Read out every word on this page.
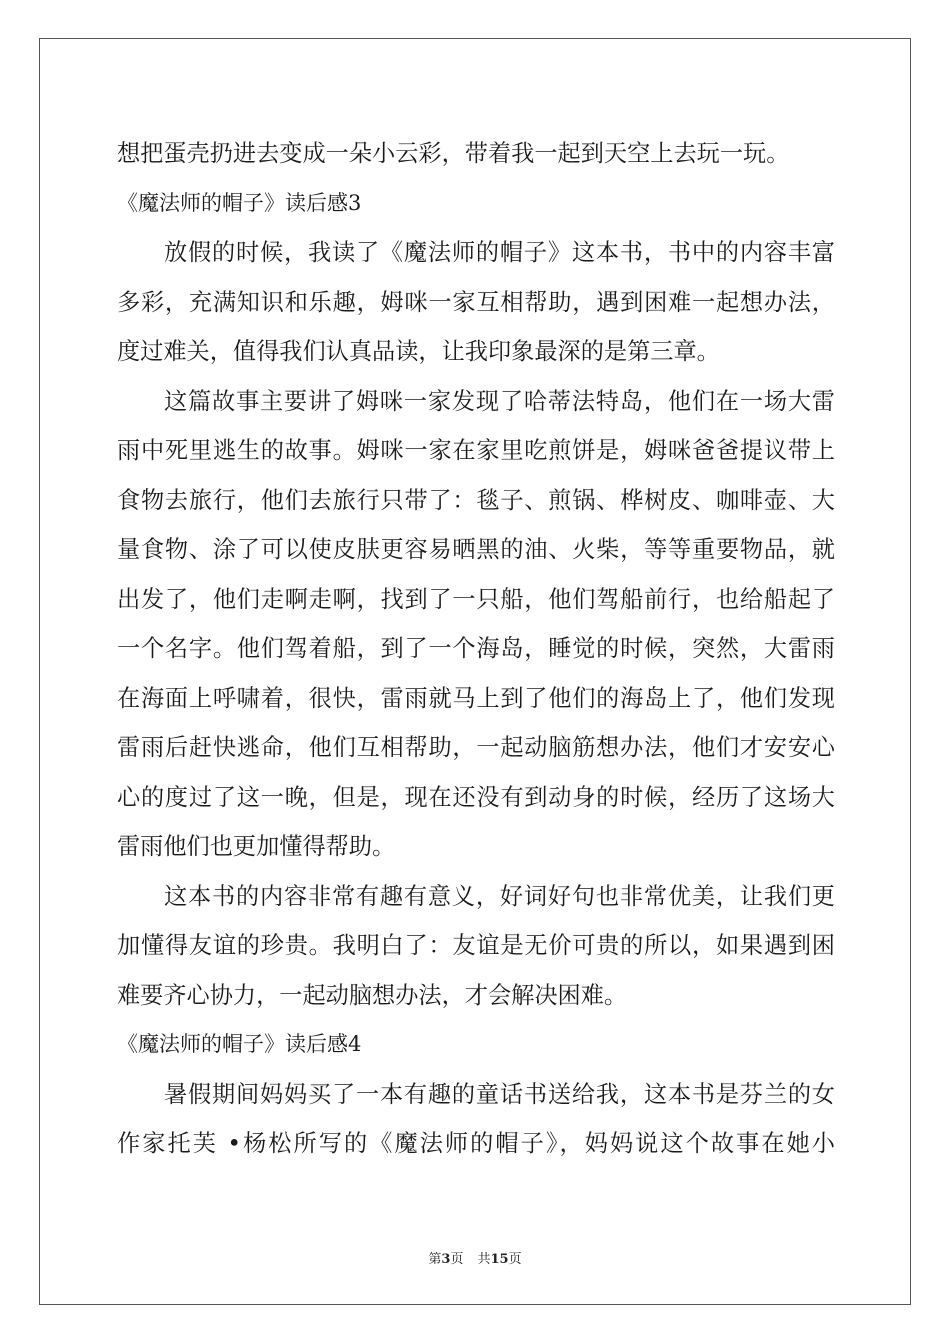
想把蛋壳扔进去变成一朵小云彩，带着我一起到天空上去玩一玩。
《魔法师的帽子》读后感3
放假的时候，我读了《魔法师的帽子》这本书，书中的内容丰富
多彩，充满知识和乐趣，姆咪一家互相帮助，遇到困难一起想办法，
度过难关，值得我们认真品读，让我印象最深的是第三章。
这篇故事主要讲了姆咪一家发现了哈蒂法特岛，他们在一场大雷
雨中死里逃生的故事。姆咪一家在家里吃煎饼是，姆咪爸爸提议带上
食物去旅行，他们去旅行只带了：毯子、煎锅、桦树皮、咖啡壶、大
量食物、涂了可以使皮肤更容易晒黑的油、火柴，等等重要物品，就
出发了，他们走啊走啊，找到了一只船，他们驾船前行，也给船起了
一个名字。他们驾着船，到了一个海岛，睡觉的时候，突然，大雷雨
在海面上呼啸着，很快，雷雨就马上到了他们的海岛上了，他们发现
雷雨后赶快逃命，他们互相帮助，一起动脑筋想办法，他们才安安心
心的度过了这一晚，但是，现在还没有到动身的时候，经历了这场大
雷雨他们也更加懂得帮助。
这本书的内容非常有趣有意义，好词好句也非常优美，让我们更
加懂得友谊的珍贵。我明白了：友谊是无价可贵的所以，如果遇到困
难要齐心协力，一起动脑想办法，才会解决困难。
《魔法师的帽子》读后感4
暑假期间妈妈买了一本有趣的童话书送给我，这本书是芬兰的女
作家托芙 •杨松所写的《魔法师的帽子》，妈妈说这个故事在她小
第3页 共15页
